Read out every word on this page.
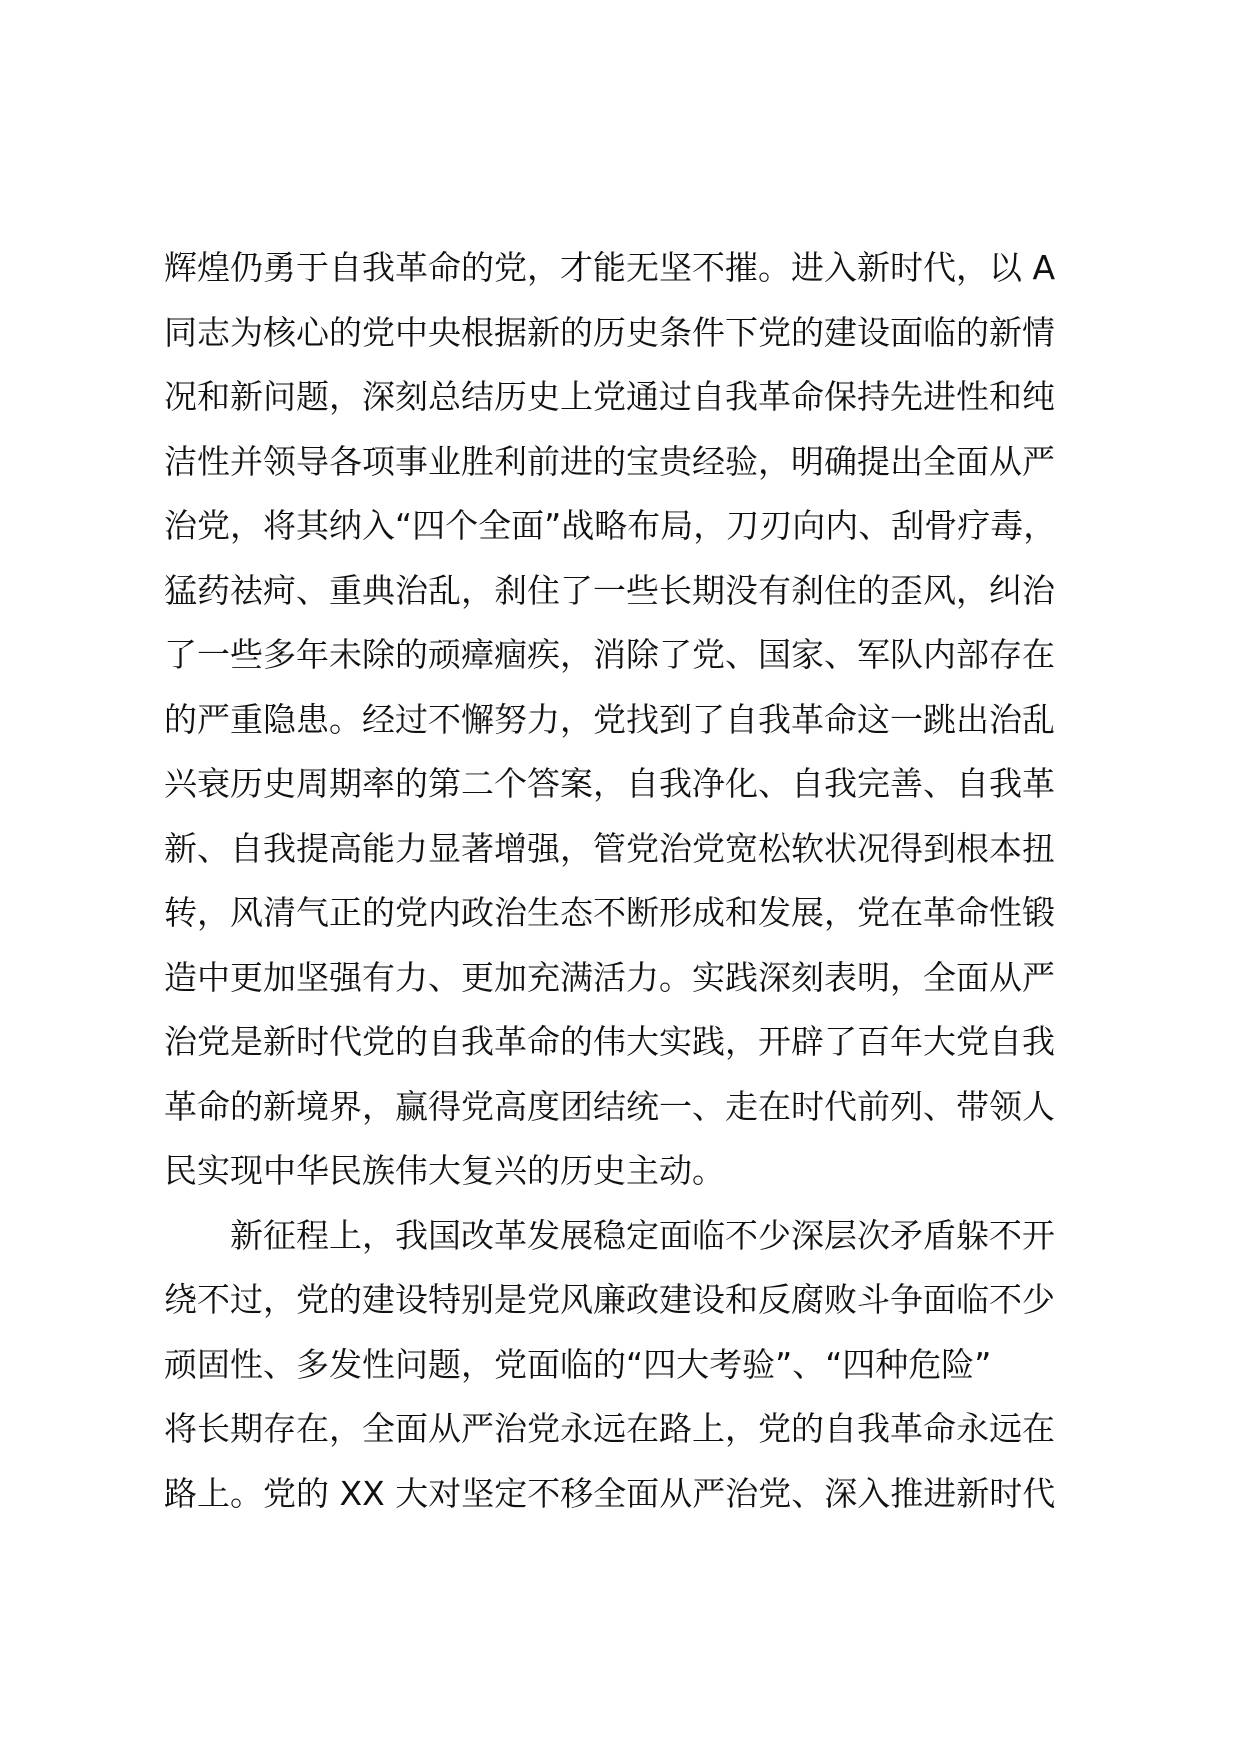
辉煌仍勇于自我革命的党，才能无坚不摧。进入新时代，以 A
同志为核心的党中央根据新的历史条件下党的建设面临的新情
况和新问题，深刻总结历史上党通过自我革命保持先进性和纯
洁性并领导各项事业胜利前进的宝贵经验，明确提出全面从严
治党，将其纳入“四个全面”战略布局，刀刃向内、刮骨疗毒，
猛药祛疴、重典治乱，刹住了一些长期没有刹住的歪风，纠治
了一些多年未除的顽瘴痼疾，消除了党、国家、军队内部存在
的严重隐患。经过不懈努力，党找到了自我革命这一跳出治乱
兴衰历史周期率的第二个答案，自我净化、自我完善、自我革
新、自我提高能力显著增强，管党治党宽松软状况得到根本扭
转，风清气正的党内政治生态不断形成和发展，党在革命性锻
造中更加坚强有力、更加充满活力。实践深刻表明，全面从严
治党是新时代党的自我革命的伟大实践，开辟了百年大党自我
革命的新境界，赢得党高度团结统一、走在时代前列、带领人
民实现中华民族伟大复兴的历史主动。
新征程上，我国改革发展稳定面临不少深层次矛盾躲不开
绕不过，党的建设特别是党风廉政建设和反腐败斗争面临不少
顽固性、多发性问题，党面临的“四大考验”、“四种危险”
将长期存在，全面从严治党永远在路上，党的自我革命永远在
路上。党的 XX 大对坚定不移全面从严治党、深入推进新时代
